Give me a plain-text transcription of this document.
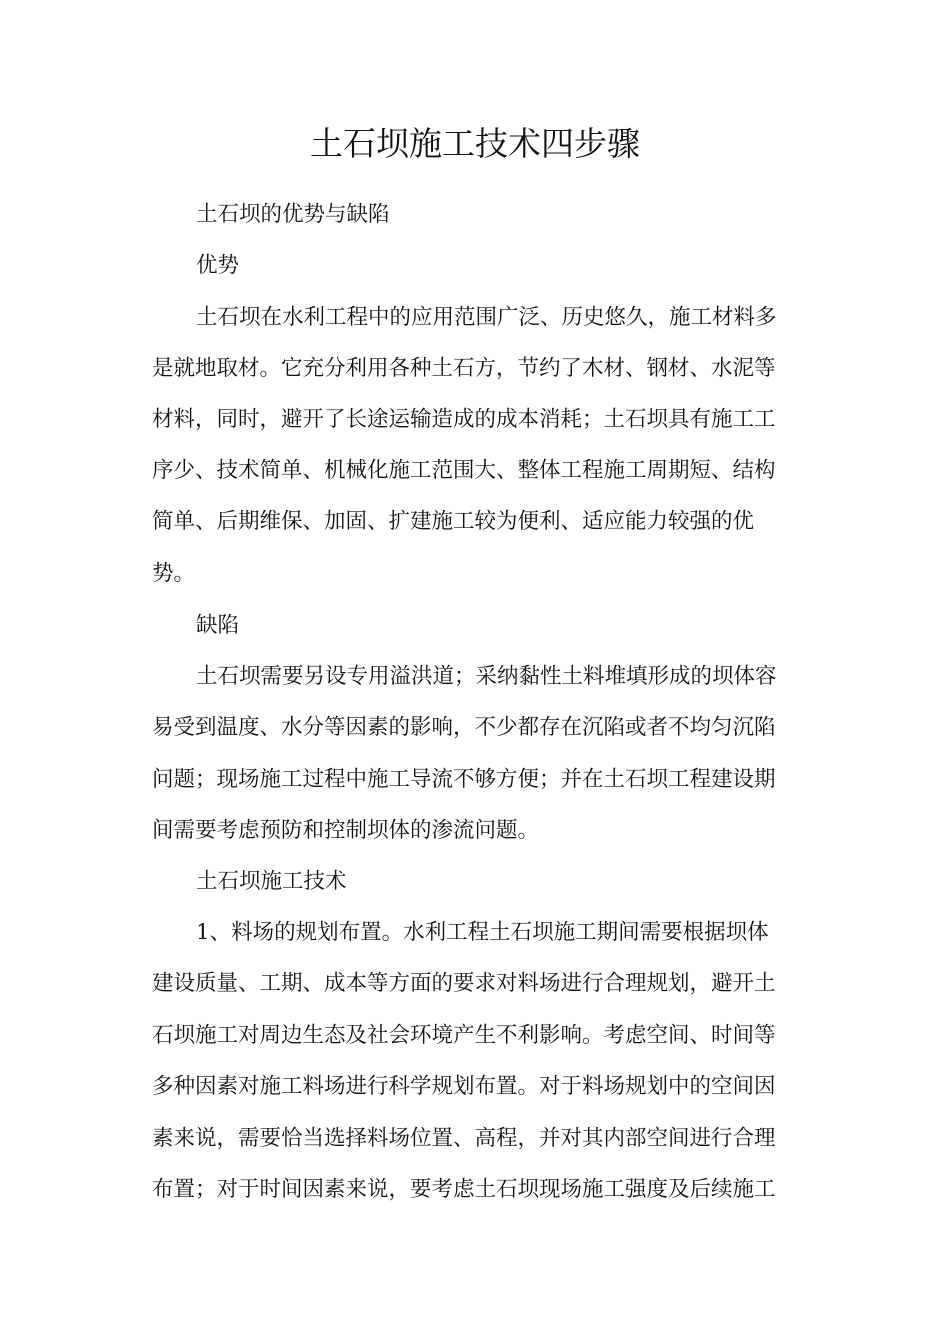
土石坝施工技术四步骤
土石坝的优势与缺陷
优势
土石坝在水利工程中的应用范围广泛、历史悠久，施工材料多
是就地取材。它充分利用各种土石方，节约了木材、钢材、水泥等
材料，同时，避开了长途运输造成的成本消耗；土石坝具有施工工
序少、技术简单、机械化施工范围大、整体工程施工周期短、结构
简单、后期维保、加固、扩建施工较为便利、适应能力较强的优
势。
缺陷
土石坝需要另设专用溢洪道；采纳黏性土料堆填形成的坝体容
易受到温度、水分等因素的影响，不少都存在沉陷或者不均匀沉陷
问题；现场施工过程中施工导流不够方便；并在土石坝工程建设期
间需要考虑预防和控制坝体的渗流问题。
土石坝施工技术
1、料场的规划布置。水利工程土石坝施工期间需要根据坝体
建设质量、工期、成本等方面的要求对料场进行合理规划，避开土
石坝施工对周边生态及社会环境产生不利影响。考虑空间、时间等
多种因素对施工料场进行科学规划布置。对于料场规划中的空间因
素来说，需要恰当选择料场位置、高程，并对其内部空间进行合理
布置；对于时间因素来说，要考虑土石坝现场施工强度及后续施工
